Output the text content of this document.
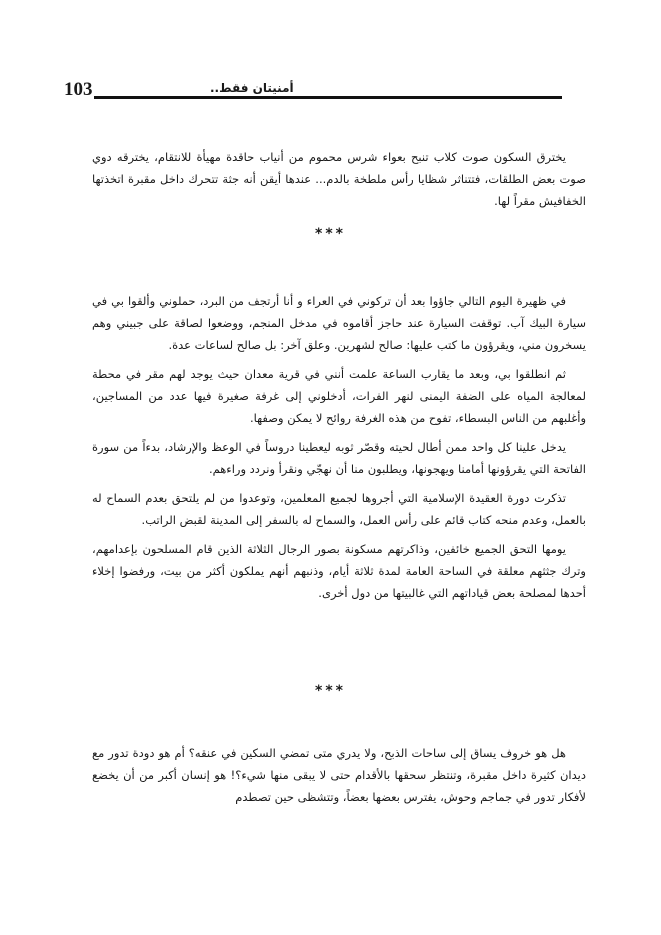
103	أمنيتان فقط..

يخترق السكون صوت كلاب تنبح بعواء شرس محموم من أنياب حاقدة مهيأة للانتقام، يخترقه دوي صوت بعض الطلقات، فتتناثر شظايا رأس ملطخة بالدم... عندها أيقن أنه جثة تتحرك داخل مقبرة اتخذتها الخفافيش مقراً لها.

***

في ظهيرة اليوم التالي جاؤوا بعد أن تركوني في العراء و أنا أرتجف من البرد، حملوني وألقوا بي في سيارة البيك آب. توقفت السيارة عند حاجز أقاموه في مدخل المنجم، ووضعوا لصاقة على جبيني وهم يسخرون مني، ويقرؤون ما كتب عليها: صالح لشهرين. وعلق آخر: بل صالح لساعات عدة.

ثم انطلقوا بي، وبعد ما يقارب الساعة علمت أنني في قرية معدان حيث يوجد لهم مقر في محطة لمعالجة المياه على الضفة اليمنى لنهر الفرات، أدخلوني إلى غرفة صغيرة فيها عدد من المساجين، وأغلبهم من الناس البسطاء، تفوح من هذه الغرفة روائح لا يمكن وصفها.

يدخل علينا كل واحد ممن أطال لحيته وقصّر ثوبه ليعطينا دروساً في الوعظ والإرشاد، بدءاً من سورة الفاتحة التي يقرؤونها أمامنا ويهجونها، ويطلبون منا أن نهجّي ونقرأ ونردد وراءهم.

تذكرت دورة العقيدة الإسلامية التي أجروها لجميع المعلمين، وتوعدوا من لم يلتحق بعدم السماح له بالعمل، وعدم منحه كتاب قائم على رأس العمل، والسماح له بالسفر إلى المدينة لقبض الراتب.

يومها التحق الجميع خائفين، وذاكرتهم مسكونة بصور الرجال الثلاثة الذين قام المسلحون بإعدامهم، وترك جثثهم معلقة في الساحة العامة لمدة ثلاثة أيام، وذنبهم أنهم يملكون أكثر من بيت، ورفضوا إخلاء أحدها لمصلحة بعض قياداتهم التي غالبيتها من دول أخرى.

***

هل هو خروف يساق إلى ساحات الذبح، ولا يدري متى تمضي السكين في عنقه؟ أم هو دودة تدور مع ديدان كثيرة داخل مقبرة، وتنتظر سحقها بالأقدام حتى لا يبقى منها شيء؟! هو إنسان أكبر من أن يخضع لأفكار تدور في جماجم وحوش، يفترس بعضها بعضاً، وتتشظى حين تصطدم
